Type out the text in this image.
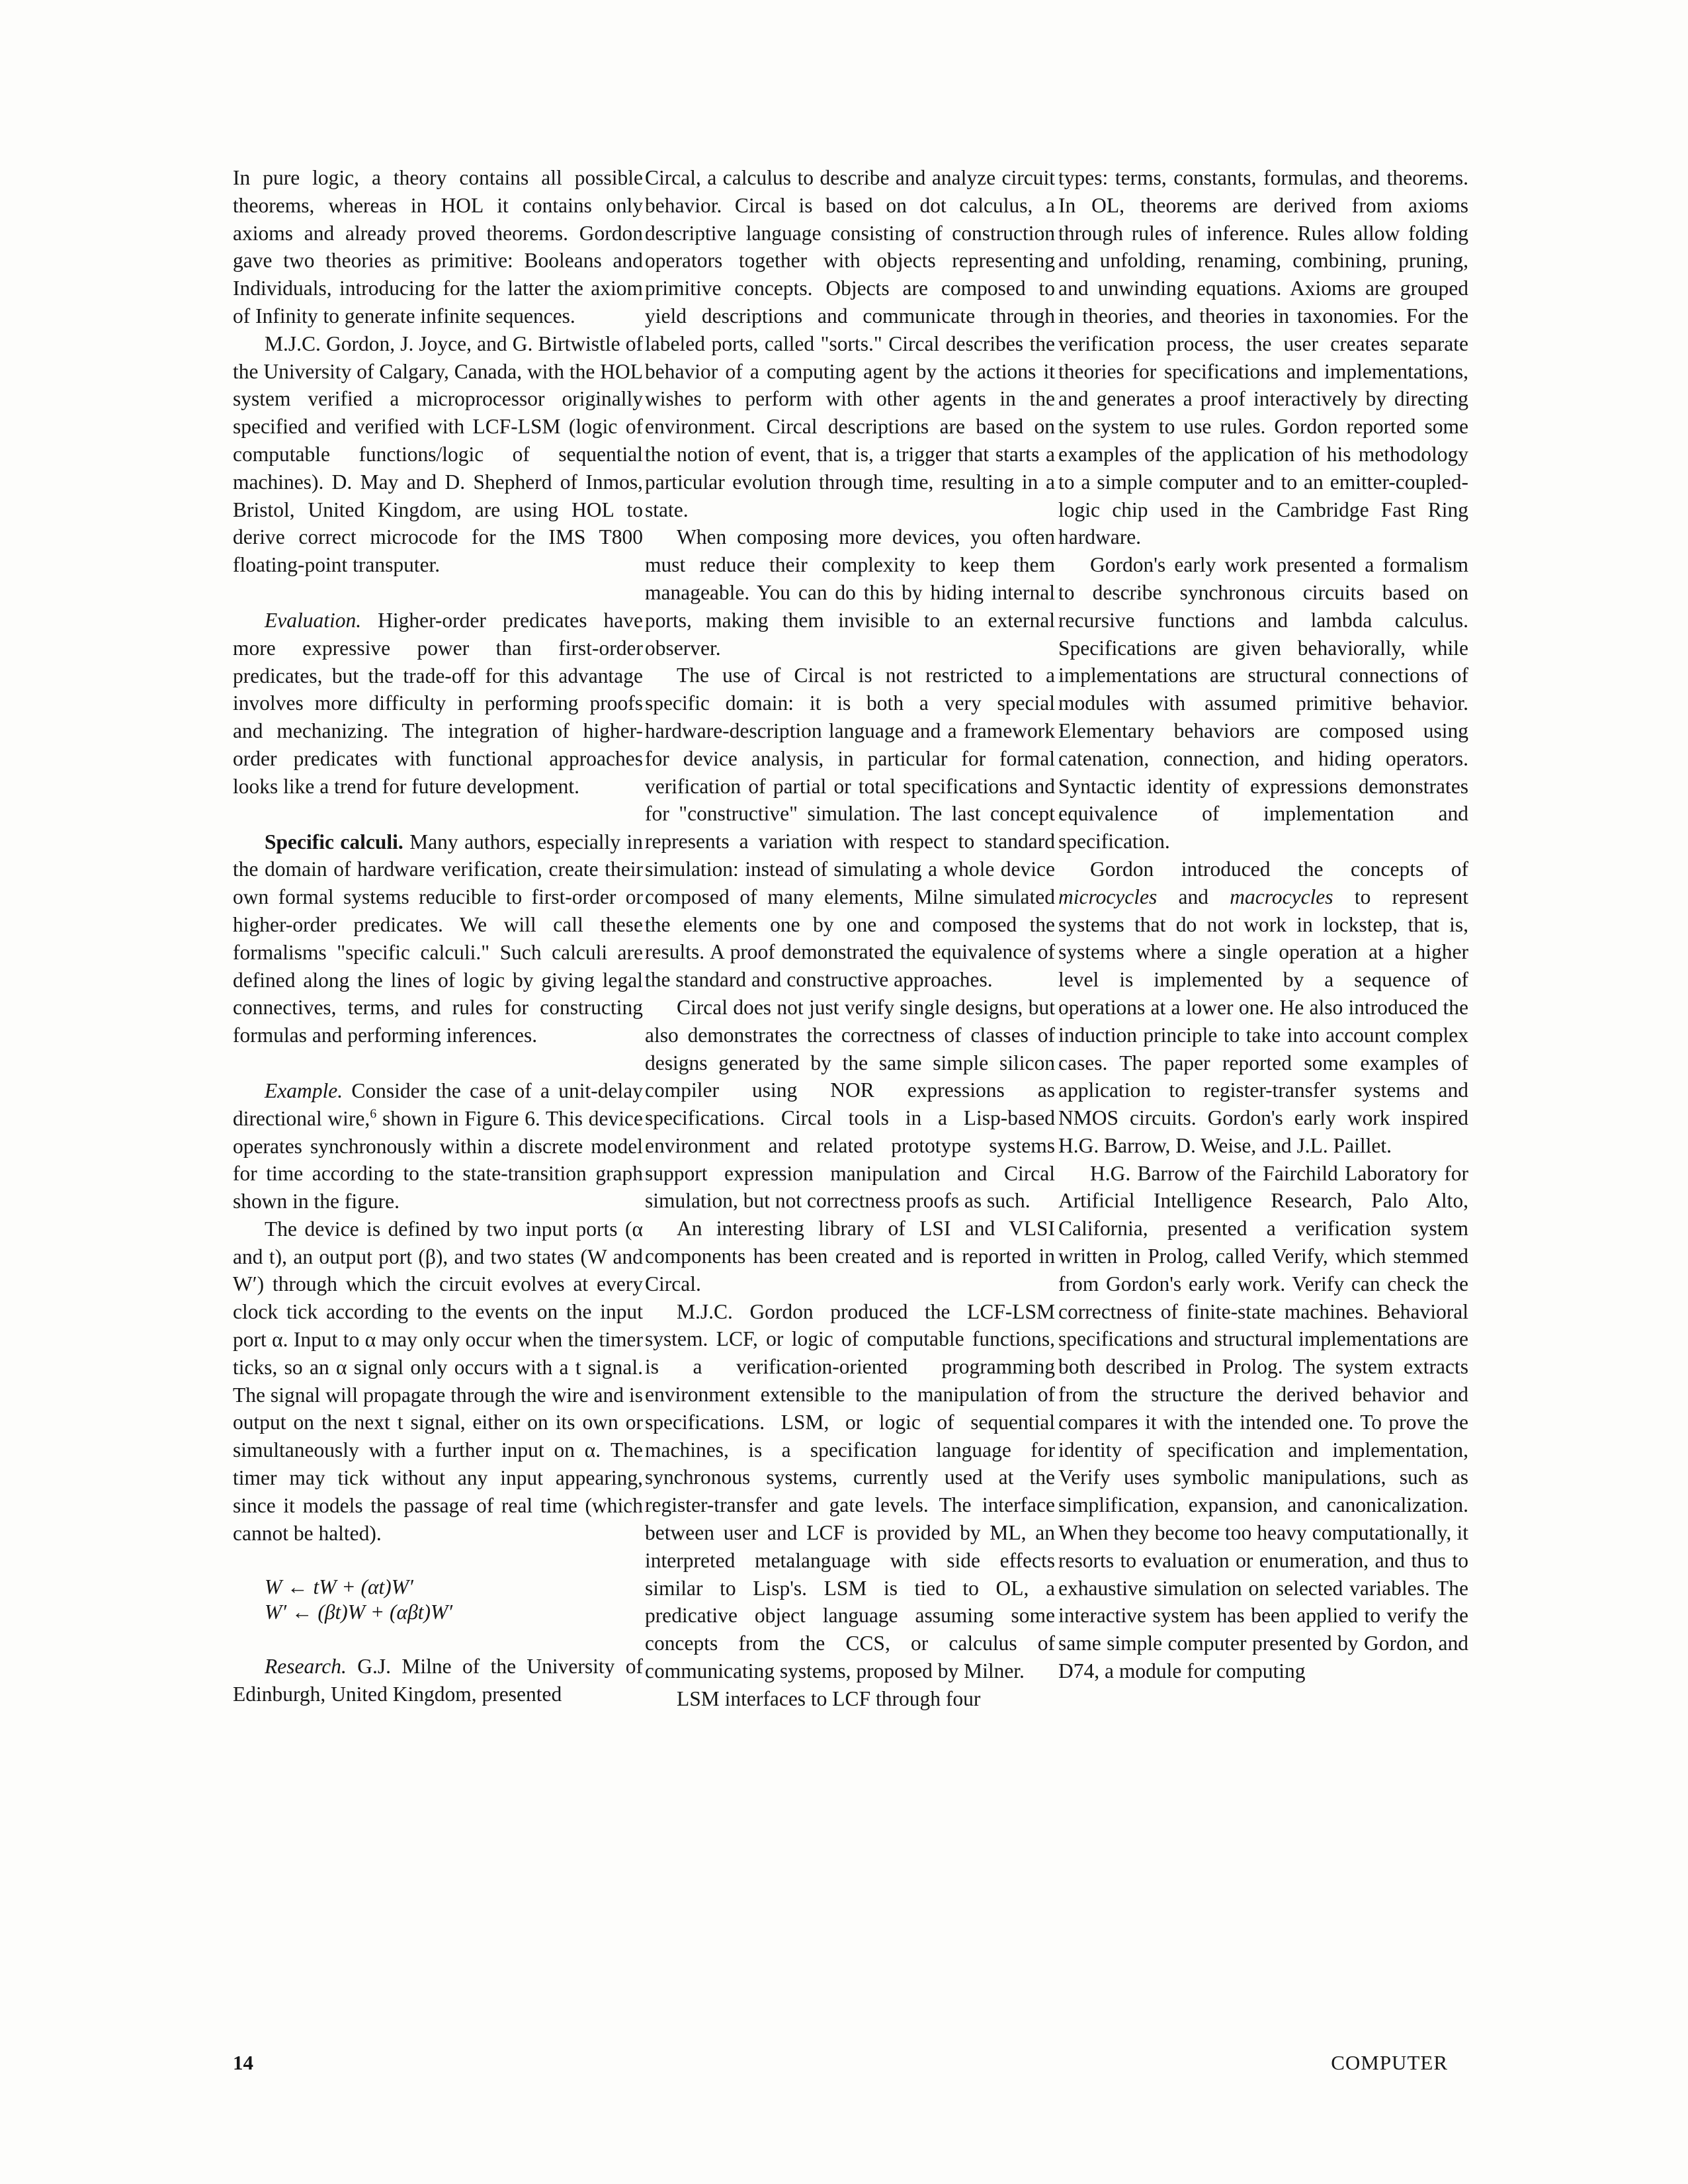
In pure logic, a theory contains all possible theorems, whereas in HOL it contains only axioms and already proved theorems. Gordon gave two theories as primitive: Booleans and Individuals, introducing for the latter the axiom of Infinity to generate infinite sequences.

M.J.C. Gordon, J. Joyce, and G. Birtwistle of the University of Calgary, Canada, with the HOL system verified a microprocessor originally specified and verified with LCF-LSM (logic of computable functions/logic of sequential machines). D. May and D. Shepherd of Inmos, Bristol, United Kingdom, are using HOL to derive correct microcode for the IMS T800 floating-point transputer.

Evaluation. Higher-order predicates have more expressive power than first-order predicates, but the trade-off for this advantage involves more difficulty in performing proofs and mechanizing. The integration of higher-order predicates with functional approaches looks like a trend for future development.

Specific calculi. Many authors, especially in the domain of hardware verification, create their own formal systems reducible to first-order or higher-order predicates. We will call these formalisms "specific calculi." Such calculi are defined along the lines of logic by giving legal connectives, terms, and rules for constructing formulas and performing inferences.

Example. Consider the case of a unit-delay directional wire,$^6$ shown in Figure 6. This device operates synchronously within a discrete model for time according to the state-transition graph shown in the figure.

The device is defined by two input ports (α and t), an output port (β), and two states (W and W′) through which the circuit evolves at every clock tick according to the events on the input port α. Input to α may only occur when the timer ticks, so an α signal only occurs with a t signal. The signal will propagate through the wire and is output on the next t signal, either on its own or simultaneously with a further input on α. The timer may tick without any input appearing, since it models the passage of real time (which cannot be halted).

W ← tW + (αt)W′
W′ ← (βt)W + (αβt)W′

Research. G.J. Milne of the University of Edinburgh, United Kingdom, presented

Circal, a calculus to describe and analyze circuit behavior. Circal is based on dot calculus, a descriptive language consisting of construction operators together with objects representing primitive concepts. Objects are composed to yield descriptions and communicate through labeled ports, called "sorts." Circal describes the behavior of a computing agent by the actions it wishes to perform with other agents in the environment. Circal descriptions are based on the notion of event, that is, a trigger that starts a particular evolution through time, resulting in a state.

When composing more devices, you often must reduce their complexity to keep them manageable. You can do this by hiding internal ports, making them invisible to an external observer.

The use of Circal is not restricted to a specific domain: it is both a very special hardware-description language and a framework for device analysis, in particular for formal verification of partial or total specifications and for "constructive" simulation. The last concept represents a variation with respect to standard simulation: instead of simulating a whole device composed of many elements, Milne simulated the elements one by one and composed the results. A proof demonstrated the equivalence of the standard and constructive approaches.

Circal does not just verify single designs, but also demonstrates the correctness of classes of designs generated by the same simple silicon compiler using NOR expressions as specifications. Circal tools in a Lisp-based environment and related prototype systems support expression manipulation and Circal simulation, but not correctness proofs as such.

An interesting library of LSI and VLSI components has been created and is reported in Circal.

M.J.C. Gordon produced the LCF-LSM system. LCF, or logic of computable functions, is a verification-oriented programming environment extensible to the manipulation of specifications. LSM, or logic of sequential machines, is a specification language for synchronous systems, currently used at the register-transfer and gate levels. The interface between user and LCF is provided by ML, an interpreted metalanguage with side effects similar to Lisp's. LSM is tied to OL, a predicative object language assuming some concepts from the CCS, or calculus of communicating systems, proposed by Milner.

LSM interfaces to LCF through four

types: terms, constants, formulas, and theorems. In OL, theorems are derived from axioms through rules of inference. Rules allow folding and unfolding, renaming, combining, pruning, and unwinding equations. Axioms are grouped in theories, and theories in taxonomies. For the verification process, the user creates separate theories for specifications and implementations, and generates a proof interactively by directing the system to use rules. Gordon reported some examples of the application of his methodology to a simple computer and to an emitter-coupled-logic chip used in the Cambridge Fast Ring hardware.

Gordon's early work presented a formalism to describe synchronous circuits based on recursive functions and lambda calculus. Specifications are given behaviorally, while implementations are structural connections of modules with assumed primitive behavior. Elementary behaviors are composed using catenation, connection, and hiding operators. Syntactic identity of expressions demonstrates equivalence of implementation and specification.

Gordon introduced the concepts of microcycles and macrocycles to represent systems that do not work in lockstep, that is, systems where a single operation at a higher level is implemented by a sequence of operations at a lower one. He also introduced the induction principle to take into account complex cases. The paper reported some examples of application to register-transfer systems and NMOS circuits. Gordon's early work inspired H.G. Barrow, D. Weise, and J.L. Paillet.

H.G. Barrow of the Fairchild Laboratory for Artificial Intelligence Research, Palo Alto, California, presented a verification system written in Prolog, called Verify, which stemmed from Gordon's early work. Verify can check the correctness of finite-state machines. Behavioral specifications and structural implementations are both described in Prolog. The system extracts from the structure the derived behavior and compares it with the intended one. To prove the identity of specification and implementation, Verify uses symbolic manipulations, such as simplification, expansion, and canonicalization. When they become too heavy computationally, it resorts to evaluation or enumeration, and thus to exhaustive simulation on selected variables. The interactive system has been applied to verify the same simple computer presented by Gordon, and D74, a module for computing

14	COMPUTER
